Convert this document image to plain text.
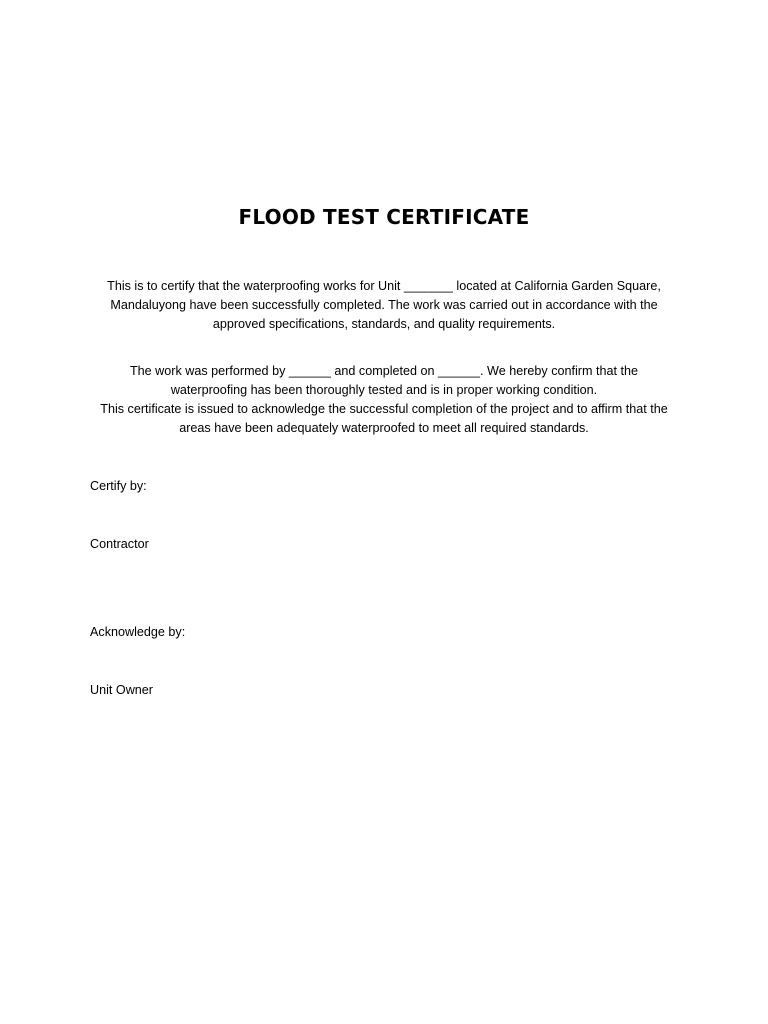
FLOOD TEST CERTIFICATE

This is to certify that the waterproofing works for Unit _______ located at California Garden Square,
Mandaluyong have been successfully completed. The work was carried out in accordance with the
approved specifications, standards, and quality requirements.

The work was performed by ______ and completed on ______. We hereby confirm that the
waterproofing has been thoroughly tested and is in proper working condition.
This certificate is issued to acknowledge the successful completion of the project and to affirm that the
areas have been adequately waterproofed to meet all required standards.

Certify by:

Contractor

Acknowledge by:

Unit Owner
